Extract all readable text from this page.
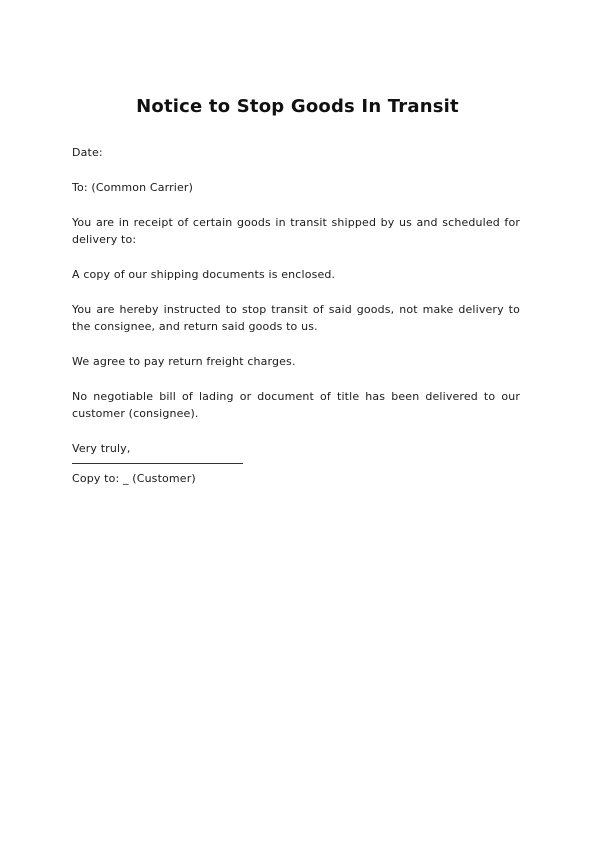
Notice to Stop Goods In Transit

Date:

To: (Common Carrier)

You are in receipt of certain goods in transit shipped by us and scheduled for delivery to:

A copy of our shipping documents is enclosed.

You are hereby instructed to stop transit of said goods, not make delivery to the consignee, and return said goods to us.

We agree to pay return freight charges.

No negotiable bill of lading or document of title has been delivered to our customer (consignee).

Very truly,

Copy to: _ (Customer)
